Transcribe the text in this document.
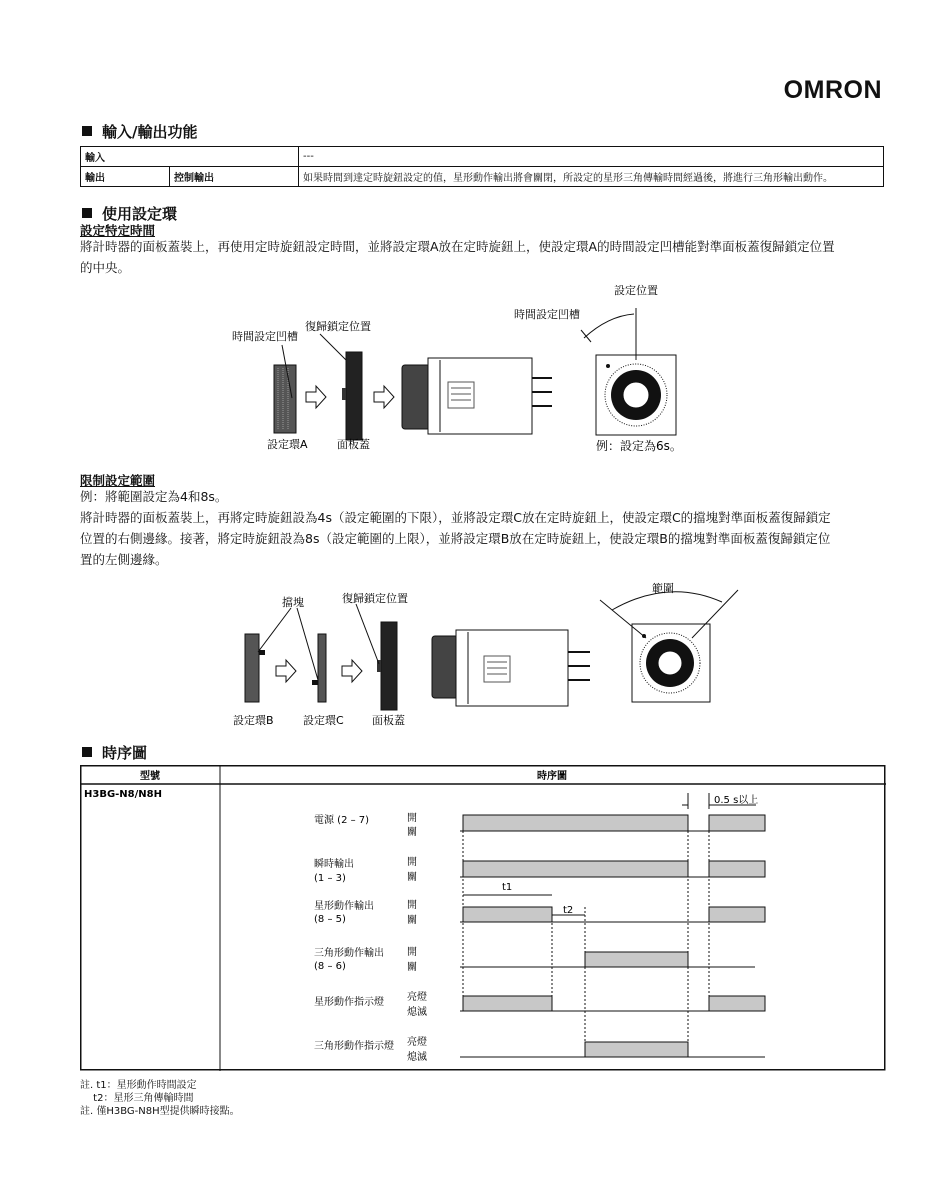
OMRON
輸入/輸出功能
輸入		---
輸出	控制輸出	如果時間到達定時旋鈕設定的值，星形動作輸出將會關閉，所設定的星形三角傳輸時間經過後，將進行三角形輸出動作。
使用設定環
設定特定時間
將計時器的面板蓋裝上，再使用定時旋鈕設定時間，並將設定環A放在定時旋鈕上，使設定環A的時間設定凹槽能對準面板蓋復歸鎖定位置
的中央。
時間設定凹槽
復歸鎖定位置
設定環A	面板蓋
時間設定凹槽
設定位置
例：設定為6s。
限制設定範圍
例：將範圍設定為4和8s。
將計時器的面板蓋裝上，再將定時旋鈕設為4s（設定範圍的下限），並將設定環C放在定時旋鈕上，使設定環C的擋塊對準面板蓋復歸鎖定
位置的右側邊緣。接著，將定時旋鈕設為8s（設定範圍的上限），並將設定環B放在定時旋鈕上，使設定環B的擋塊對準面板蓋復歸鎖定位
置的左側邊緣。
擋塊	復歸鎖定位置
設定環B	設定環C	面板蓋
範圍
時序圖
型號	時序圖
H3BG-N8/N8H
0.5 s以上
電源 (2 – 7)	開
關
瞬時輸出
(1 – 3)
開
關
星形動作輸出
(8 – 5)
開
關
三角形動作輸出
(8 – 6)
開
關
星形動作指示燈 亮燈
熄滅
三角形動作指示燈 亮燈
熄滅
t1
t2
註. t1：星形動作時間設定
　 t2：星形三角傳輸時間
註. 僅H3BG-N8H型提供瞬時接點。
